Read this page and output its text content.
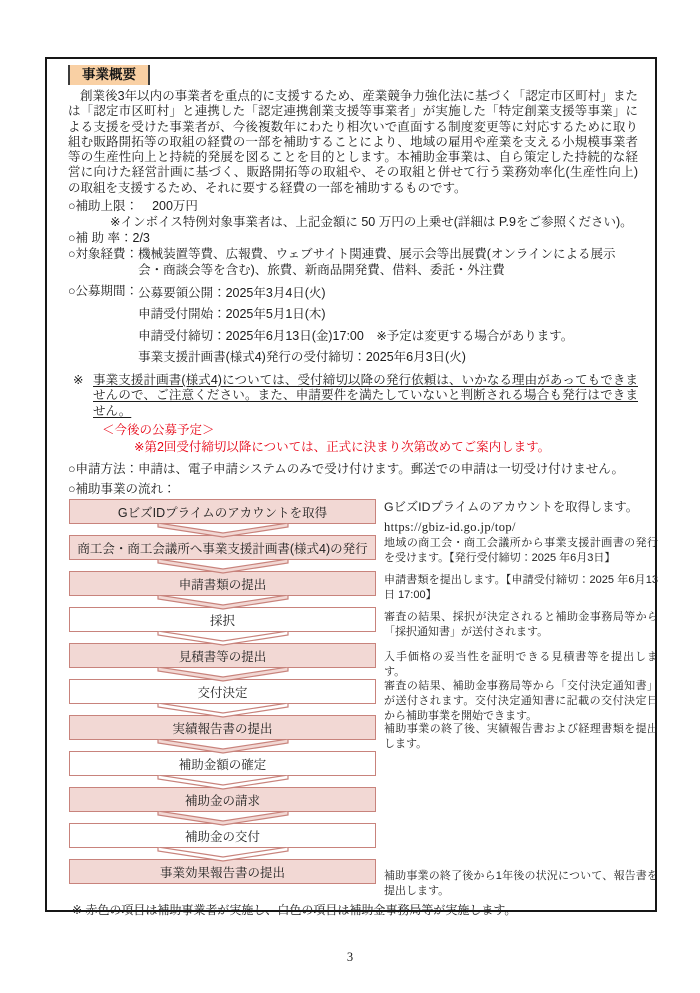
事業概要

創業後3年以内の事業者を重点的に支援するため、産業競争力強化法に基づく「認定市区町村」または「認定市区町村」と連携した「認定連携創業支援等事業者」が実施した「特定創業支援等事業」による支援を受けた事業者が、今後複数年にわたり相次いで直面する制度変更等に対応するために取り組む販路開拓等の取組の経費の一部を補助することにより、地域の雇用や産業を支える小規模事業者等の生産性向上と持続的発展を図ることを目的とします。本補助金事業は、自ら策定した持続的な経営に向けた経営計画に基づく、販路開拓等の取組や、その取組と併せて行う業務効率化(生産性向上)の取組を支援するため、それに要する経費の一部を補助するものです。

○補助上限： 200万円
※インボイス特例対象事業者は、上記金額に 50 万円の上乗せ(詳細は P.9をご参照ください)。
○補 助 率：2/3
○対象経費： 機械装置等費、広報費、ウェブサイト関連費、展示会等出展費(オンラインによる展示会・商談会等を含む)、旅費、新商品開発費、借料、委託・外注費
○公募期間： 公募要領公開：2025年3月4日(火)
申請受付開始：2025年5月1日(木)
申請受付締切：2025年6月13日(金)17:00　※予定は変更する場合があります。
事業支援計画書(様式4)発行の受付締切：2025年6月3日(火)
※ 事業支援計画書(様式4)については、受付締切以降の発行依頼は、いかなる理由があってもできませんので、ご注意ください。また、申請要件を満たしていないと判断される場合も発行はできません。
＜今後の公募予定＞
※第2回受付締切以降については、正式に決まり次第改めてご案内します。
○申請方法：申請は、電子申請システムのみで受け付けます。郵送での申請は一切受け付けません。
○補助事業の流れ：
GビズIDプライムのアカウントを取得
商工会・商工会議所へ事業支援計画書(様式4)の発行
申請書類の提出
採択
見積書等の提出
交付決定
実績報告書の提出
補助金額の確定
補助金の請求
補助金の交付
事業効果報告書の提出
GビズIDプライムのアカウントを取得します。
https://gbiz-id.go.jp/top/
地域の商工会・商工会議所から事業支援計画書の発行を受けます。【発行受付締切：2025 年6月3日】
申請書類を提出します。【申請受付締切：2025 年6月13日 17:00】
審査の結果、採択が決定されると補助金事務局等から「採択通知書」が送付されます。
入手価格の妥当性を証明できる見積書等を提出します。
審査の結果、補助金事務局等から「交付決定通知書」が送付されます。交付決定通知書に記載の交付決定日から補助事業を開始できます。
補助事業の終了後、実績報告書および経理書類を提出します。
補助事業の終了後から1年後の状況について、報告書を提出します。
※ 赤色の項目は補助事業者が実施し、白色の項目は補助金事務局等が実施します。
3
